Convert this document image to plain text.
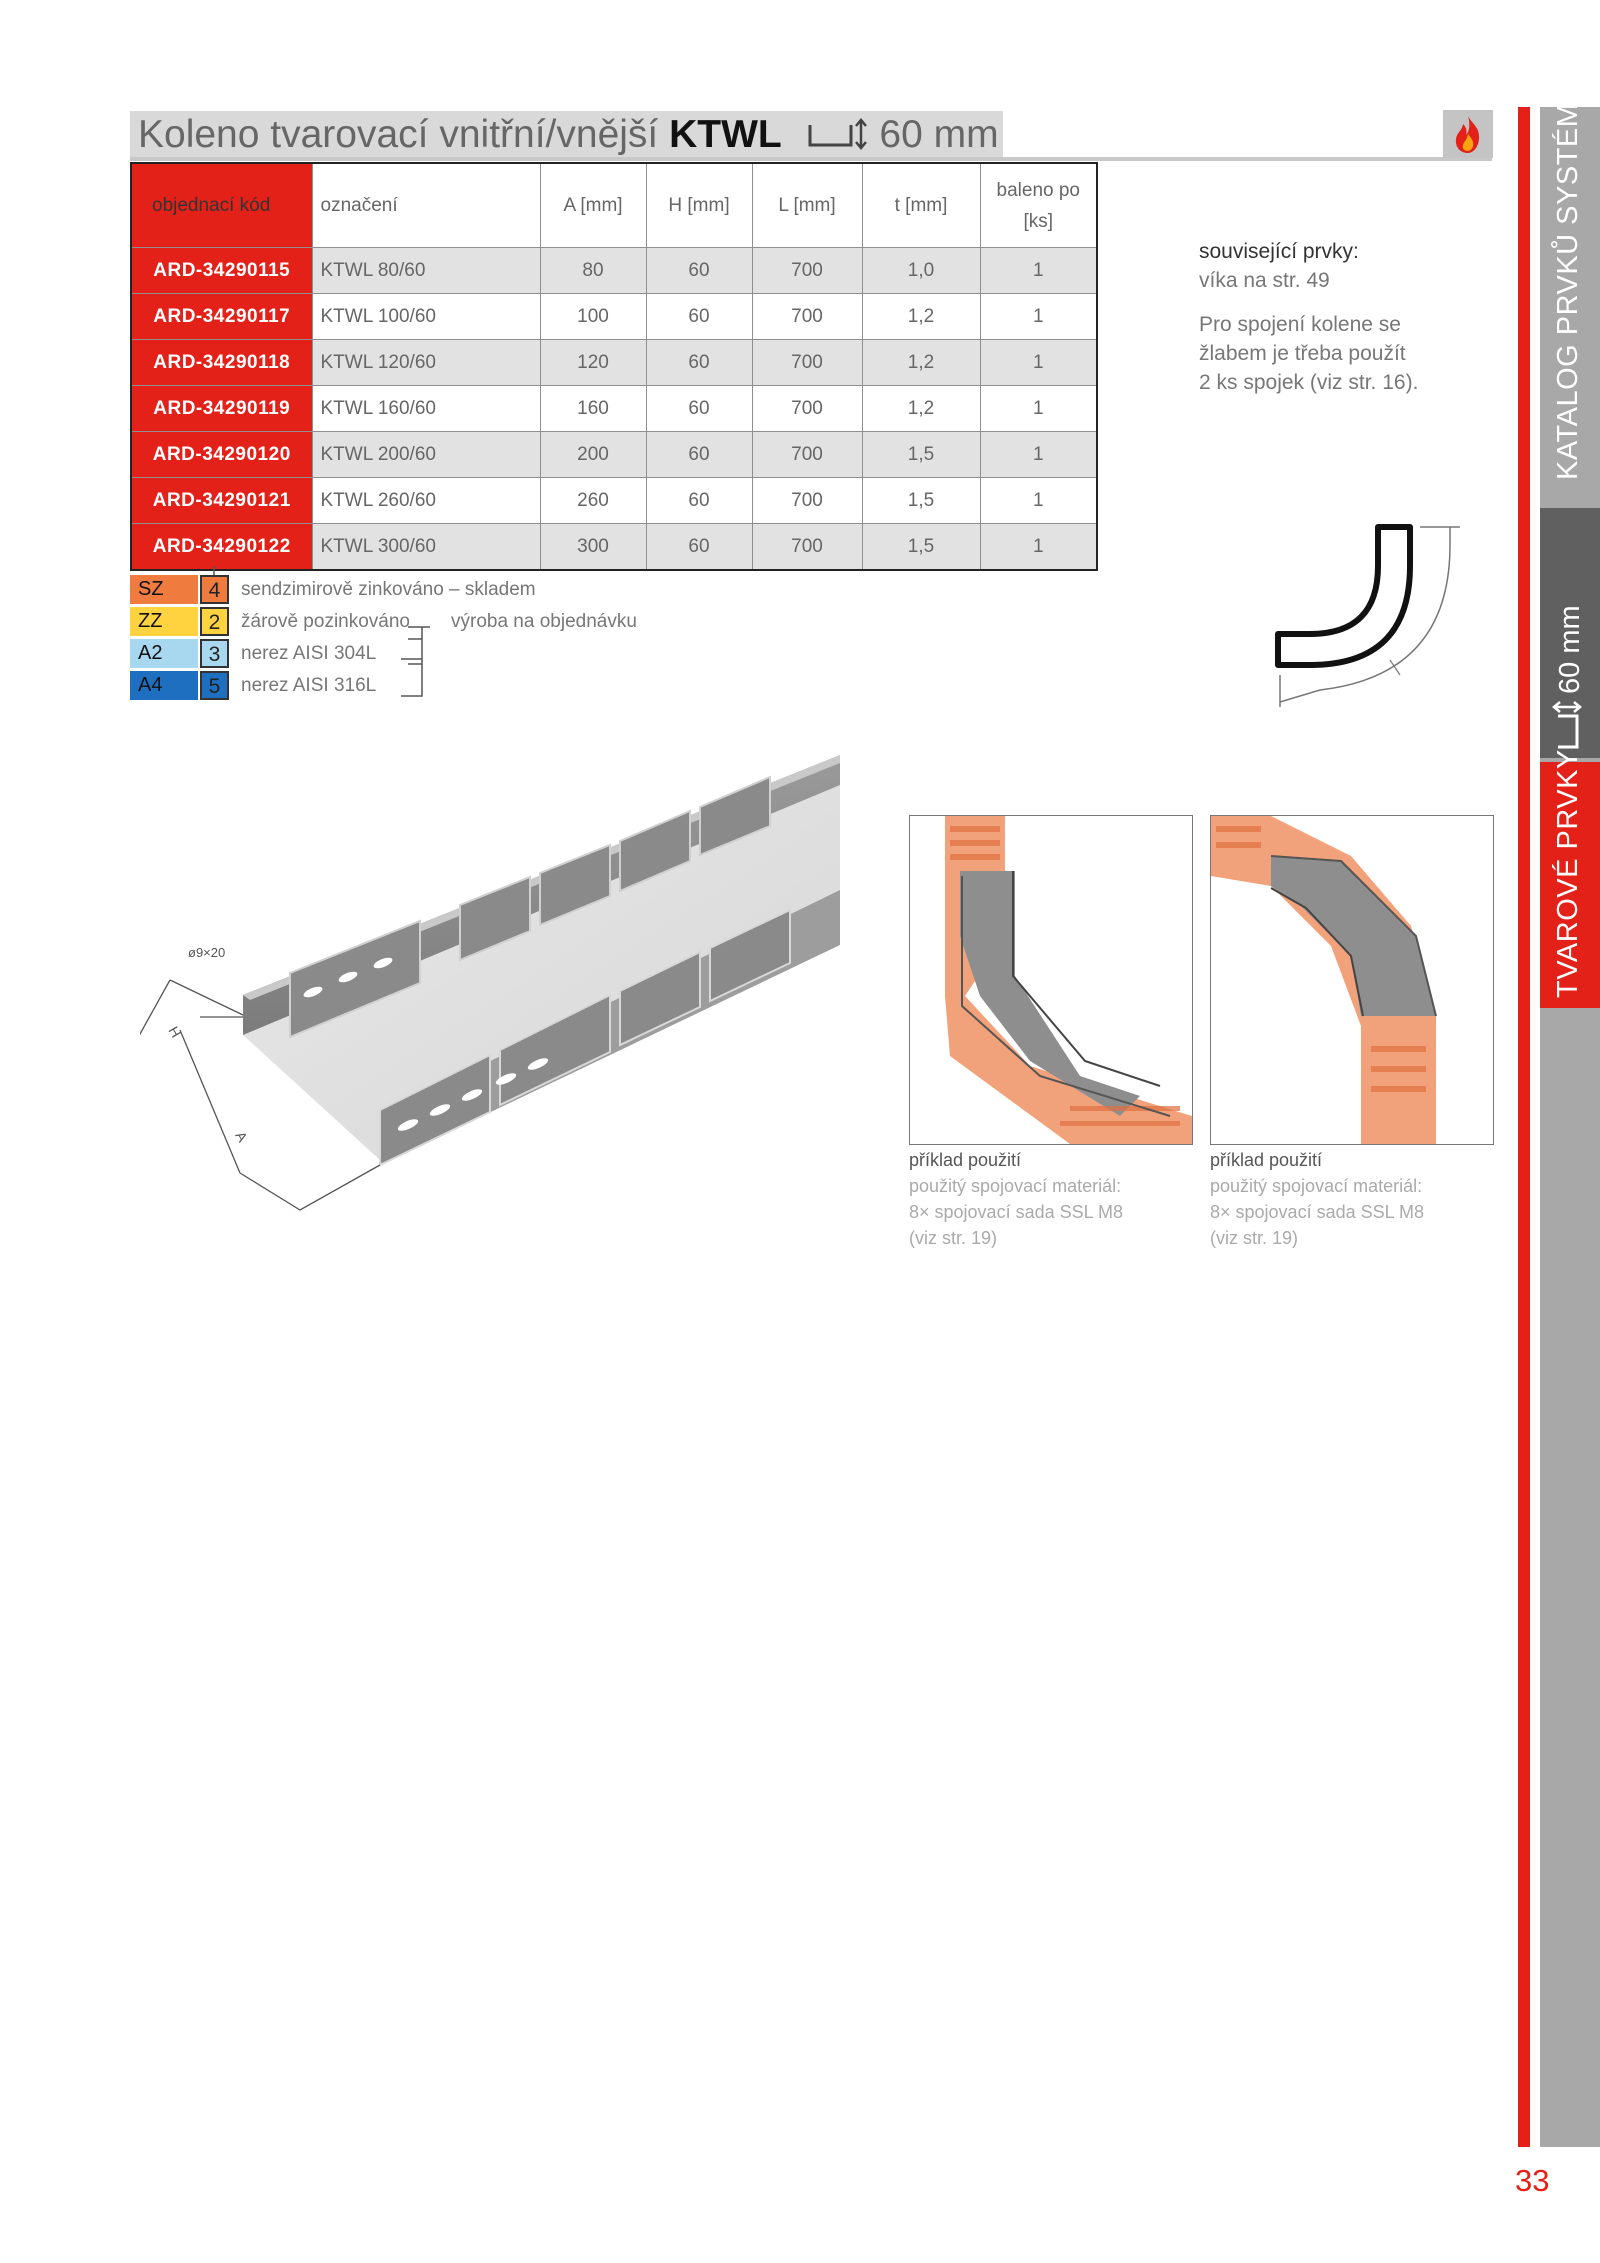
Koleno tvarovací vnitřní/vnější KTWL	60 mm
objednací kód	označení	A [mm]	H [mm]	L [mm]	t [mm]	baleno po [ks]
ARD-34290115	KTWL 80/60	80	60	700	1,0	1
ARD-34290117	KTWL 100/60	100	60	700	1,2	1
ARD-34290118	KTWL 120/60	120	60	700	1,2	1
ARD-34290119	KTWL 160/60	160	60	700	1,2	1
ARD-34290120	KTWL 200/60	200	60	700	1,5	1
ARD-34290121	KTWL 260/60	260	60	700	1,5	1
ARD-34290122	KTWL 300/60	300	60	700	1,5	1
SZ	4	sendzimirově zinkováno – skladem
ZZ	2	žárově pozinkováno výroba na objednávku
A2	3	nerez AISI 304L
A4	5	nerez AISI 316L
související prvky:
víka na str. 49
Pro spojení kolene se
žlabem je třeba použít
2 ks spojek (viz str. 16).
ø9×20
H
A
příklad použití
použitý spojovací materiál:
8× spojovací sada SSL M8
(viz str. 19)
příklad použití
použitý spojovací materiál:
8× spojovací sada SSL M8
(viz str. 19)
KATALOG PRVKŮ SYSTÉMU
60 mm
TVAROVÉ PRVKY
33
